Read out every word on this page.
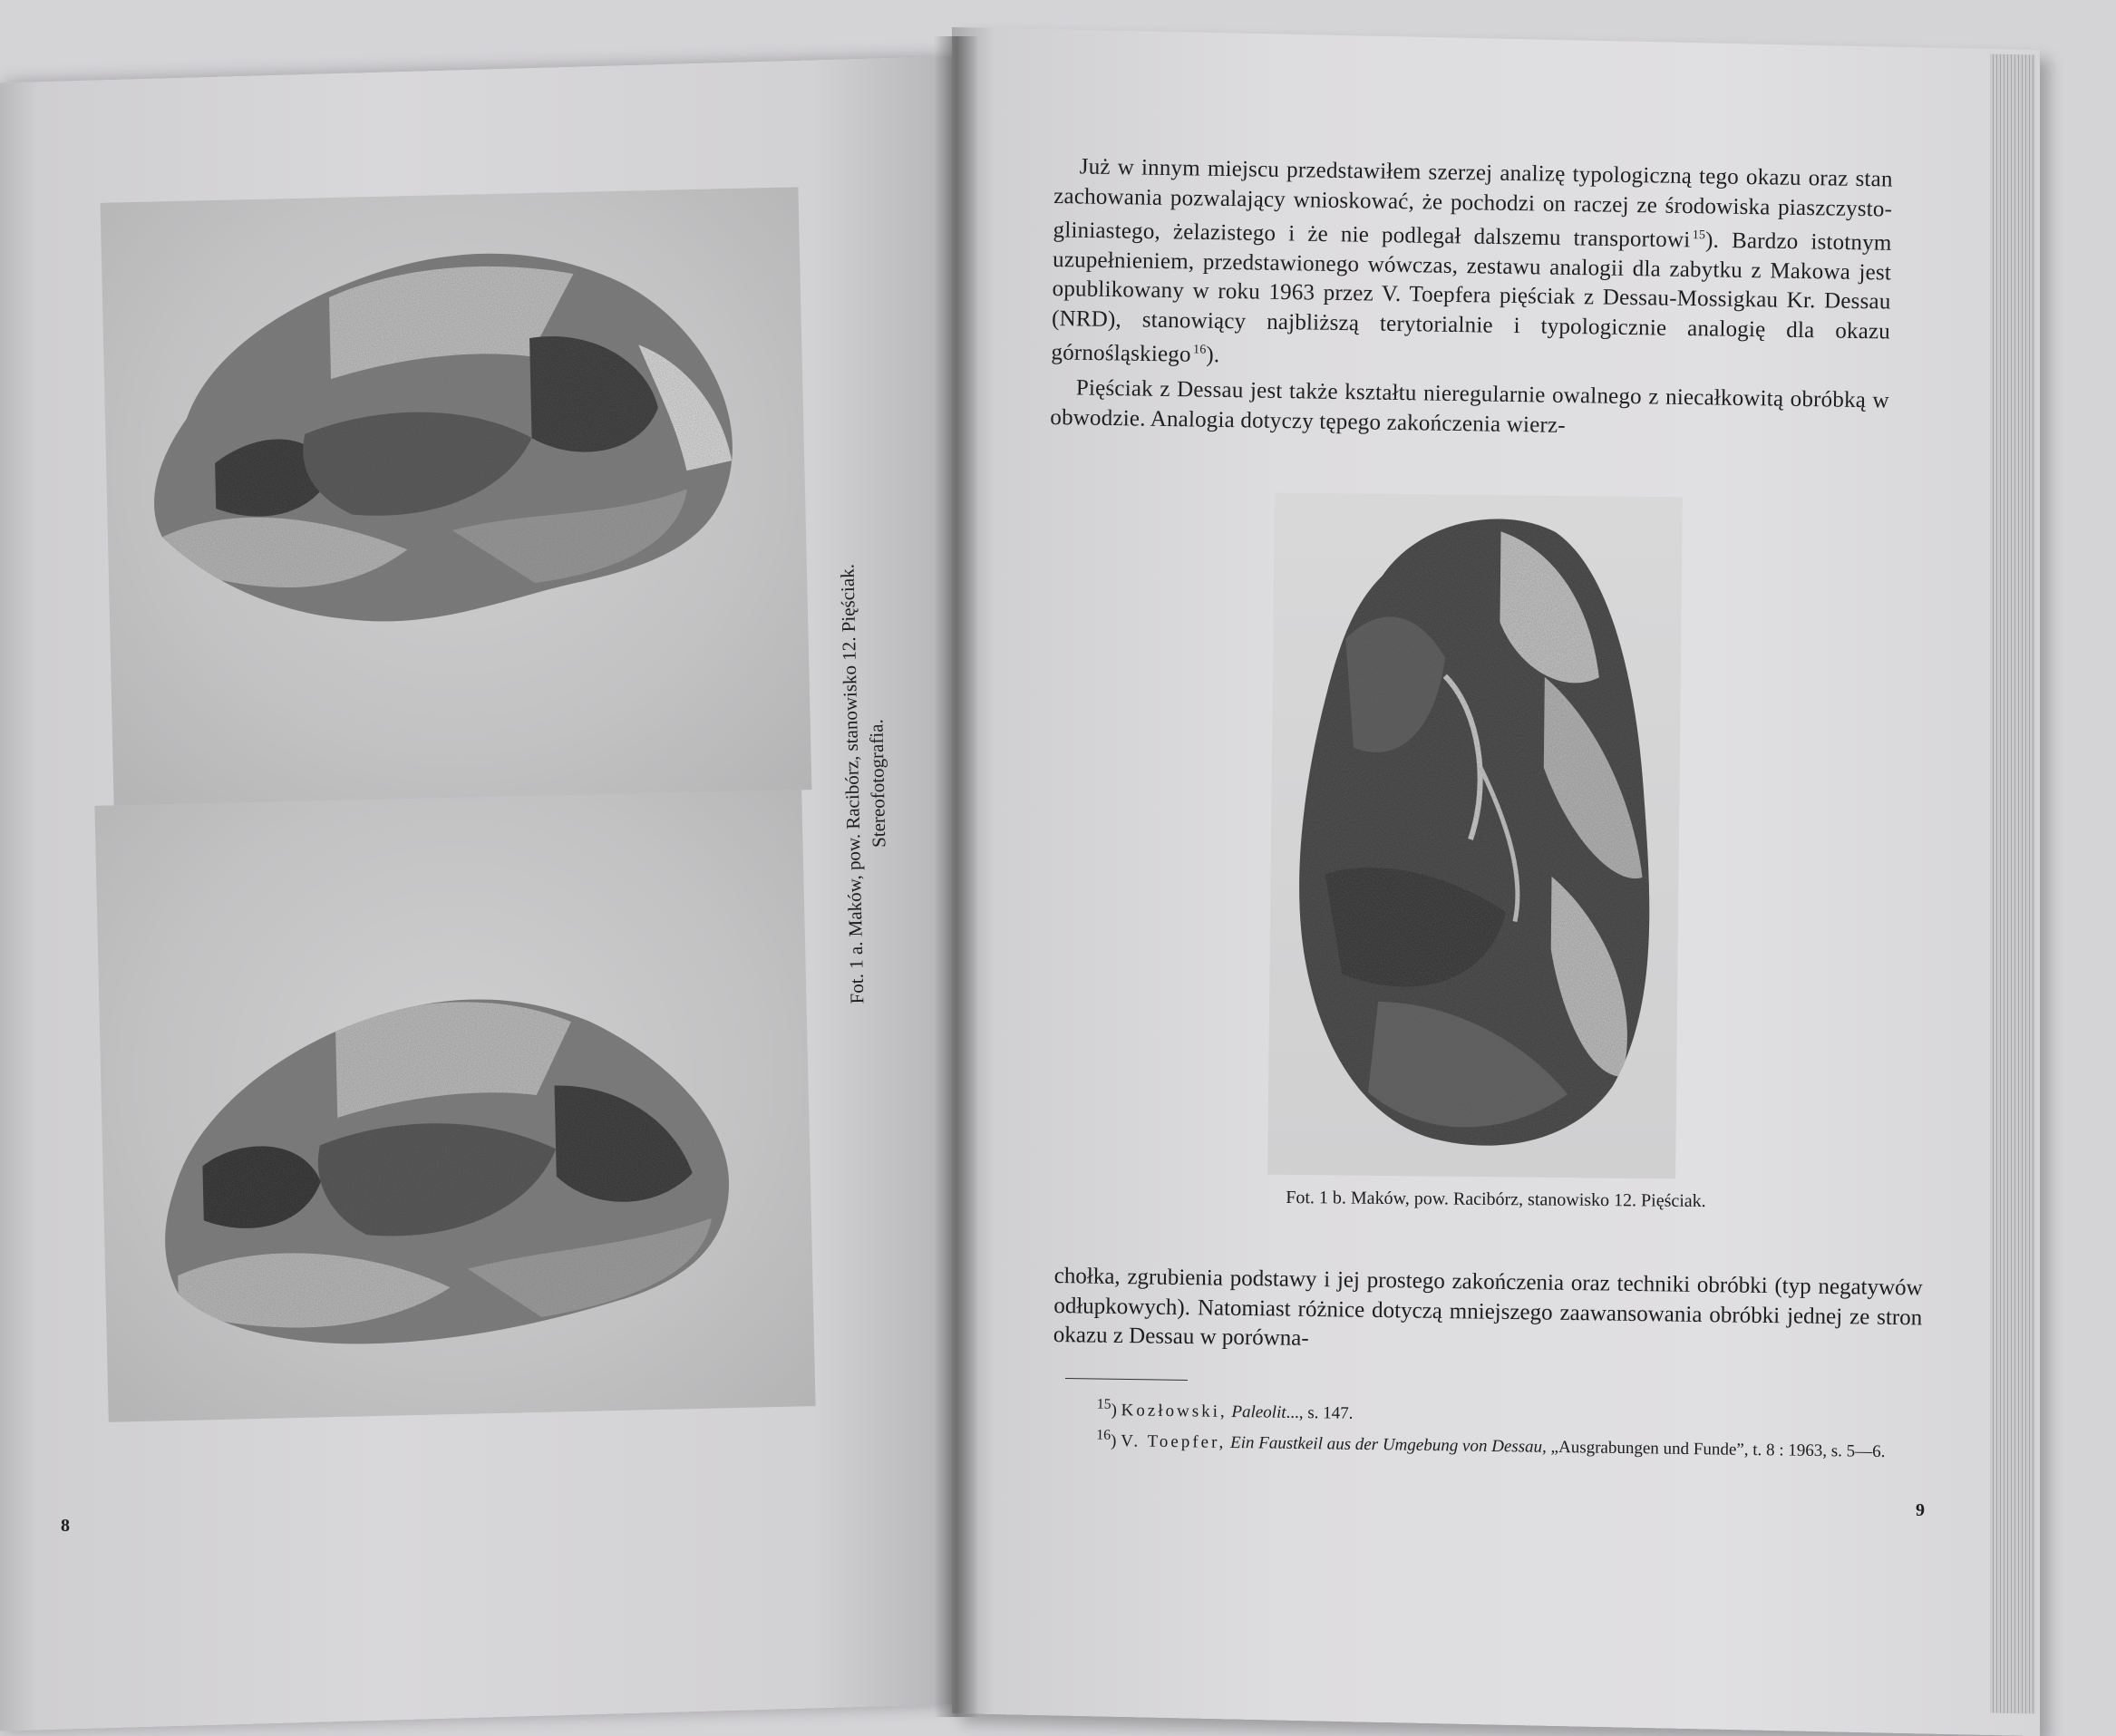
Fot. 1 a. Maków, pow. Racibórz, stanowisko 12. Pięściak.
Stereofotografia.
8

Już w innym miejscu przedstawiłem szerzej analizę typologiczną tego okazu oraz stan zachowania pozwalający wnioskować, że pochodzi on raczej ze środowiska piaszczysto-gliniastego, żelazistego i że nie podlegał dalszemu transportowi  $^{15}$). Bardzo istotnym uzupełnieniem, przedstawionego wówczas, zestawu analogii dla zabytku z Makowa jest opublikowany w roku 1963 przez V. Toepfera pięściak z Dessau-Mossigkau Kr. Dessau (NRD), stanowiący najbliższą terytorialnie i typologicznie analogię dla okazu górnośląskiego  $^{16}$).

Pięściak z Dessau jest także kształtu nieregularnie owalnego z niecałkowitą obróbką w obwodzie. Analogia dotyczy tępego zakończenia wierz-

Fot. 1 b. Maków, pow. Racibórz, stanowisko 12. Pięściak.
chołka, zgrubienia podstawy i jej prostego zakończenia oraz techniki obróbki (typ negatywów odłupkowych). Natomiast różnice dotyczą mniejszego zaawansowania obróbki jednej ze stron okazu z Dessau w porówna-

$^{15}$) Kozłowski, Paleolit..., s. 147.

$^{16}$) V. Toepfer, Ein Faustkeil aus der Umgebung von Dessau, „Ausgrabungen und Funde”, t. 8 : 1963, s. 5—6.

9
